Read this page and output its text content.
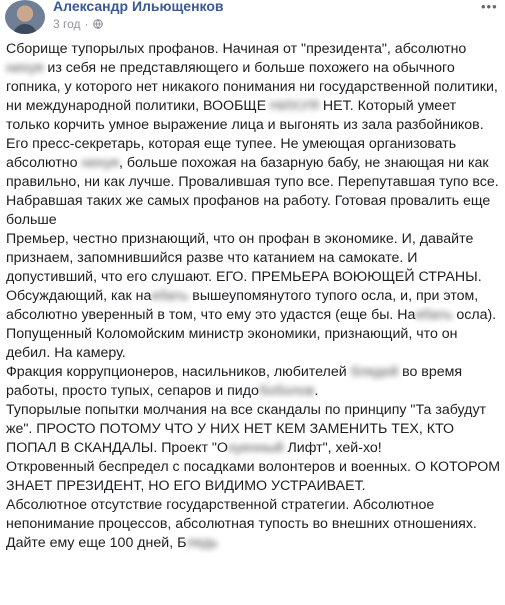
Александр Ильющенков
3 год ·
•••

Сборище тупорылых профанов. Начиная от "президента", абсолютно нихуя из себя не представляющего и больше похожего на обычного гопника, у которого нет никакого понимания ни государственной политики, ни международной политики, ВООБЩЕ НИХУЯ НЕТ. Который умеет только корчить умное выражение лица и выгонять из зала разбойников.

Его пресс-секретарь, которая еще тупее. Не умеющая организовать абсолютно нихуя, больше похожая на базарную бабу, не знающая ни как правильно, ни как лучше. Провалившая тупо все. Перепутавшая тупо все. Набравшая таких же самых профанов на работу. Готовая провалить еще больше

Премьер, честно признающий, что он профан в экономике. И, давайте признаем, запомнившийся разве что катанием на самокате. И допустивший, что его слушают. ЕГО. ПРЕМЬЕРА ВОЮЮЩЕЙ СТРАНЫ.

Обсуждающий, как наебать вышеупомянутого тупого осла, и, при этом, абсолютно уверенный в том, что ему это удастся (еще бы. Наебать осла).

Попущенный Коломойским министр экономики, признающий, что он дебил. На камеру.

Фракция коррупционеров, насильников, любителей блядей во время работы, просто тупых, сепаров и пидобоболов.

Тупорылые попытки молчания на все скандалы по принципу "Та забудут же". ПРОСТО ПОТОМУ ЧТО У НИХ НЕТ КЕМ ЗАМЕНИТЬ ТЕХ, КТО ПОПАЛ В СКАНДАЛЫ. Проект "Охуенный Лифт", хей-хо!

Откровенный беспредел с посадками волонтеров и военных. О КОТОРОМ ЗНАЕТ ПРЕЗИДЕНТ, НО ЕГО ВИДИМО УСТРАИВАЕТ.

Абсолютное отсутствие государственной стратегии. Абсолютное непонимание процессов, абсолютная тупость во внешних отношениях.

Дайте ему еще 100 дней, Блядь
